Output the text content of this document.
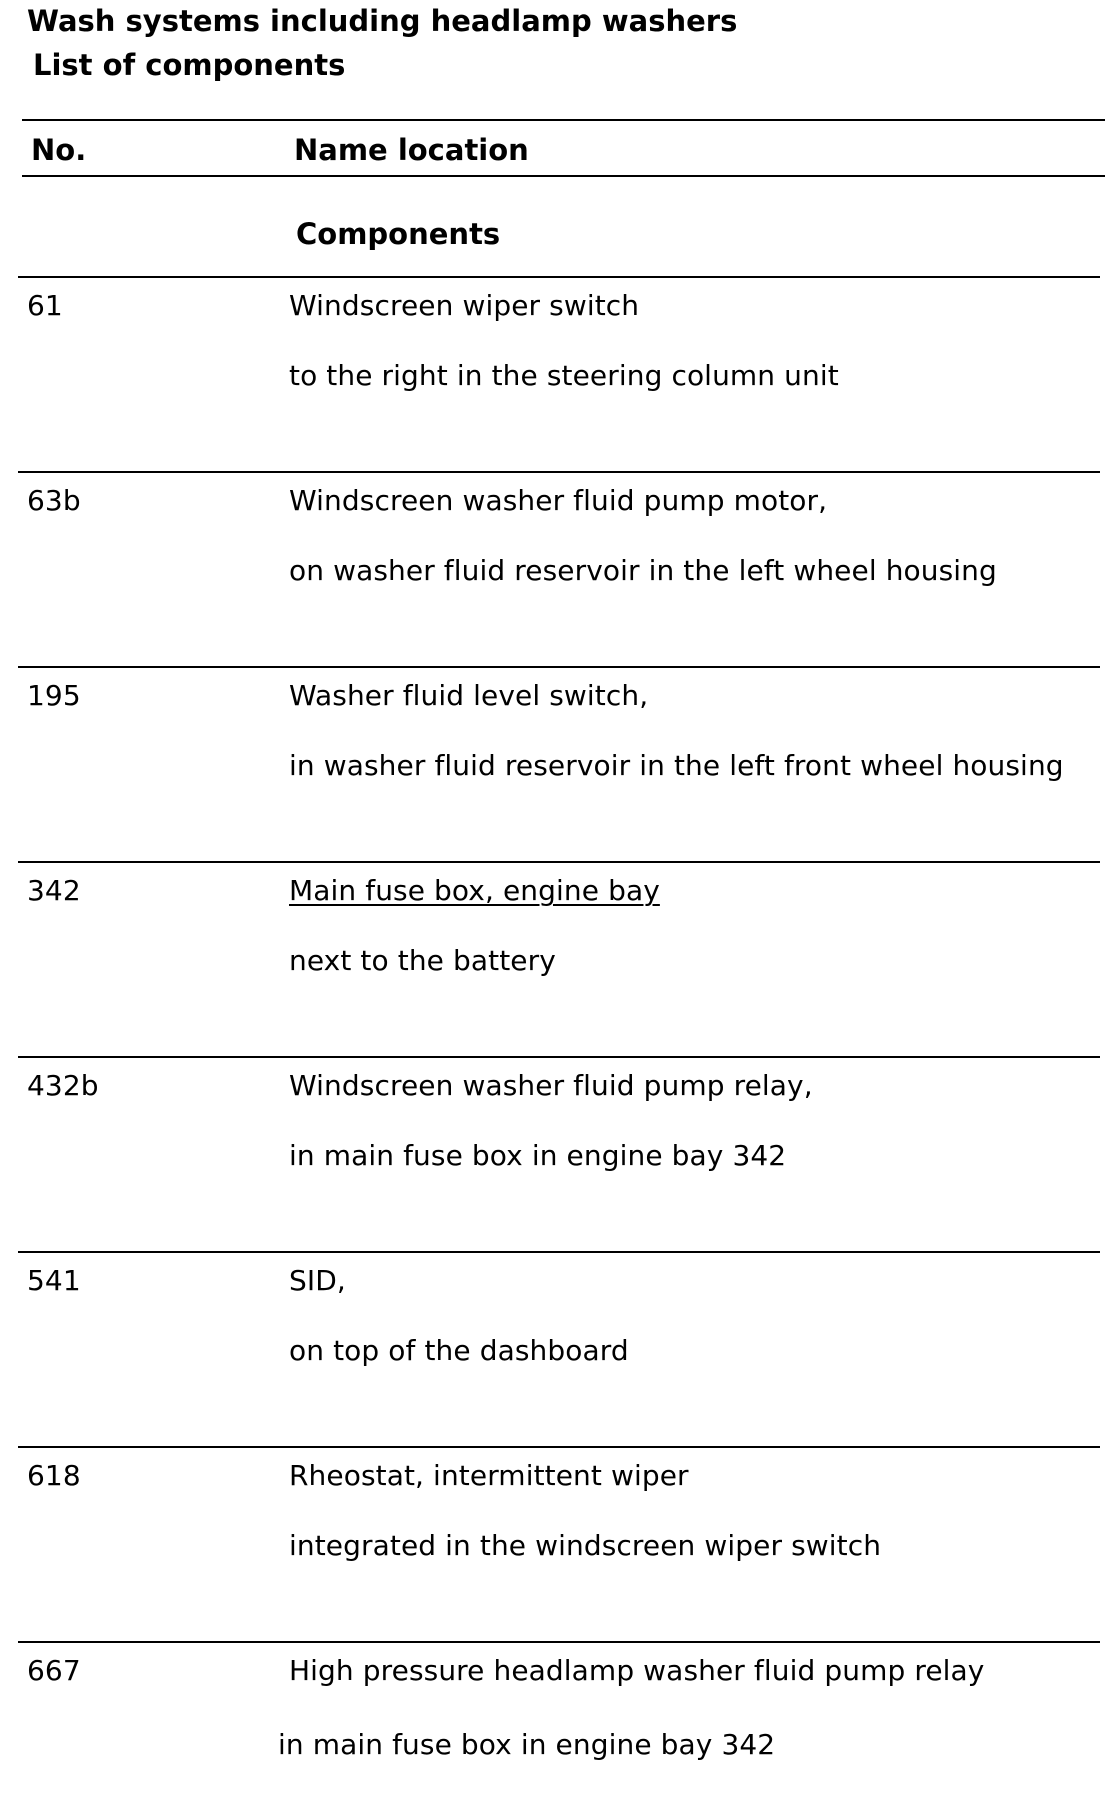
Wash systems including headlamp washers
List of components
No.	Name location
Components
61	Windscreen wiper switch
to the right in the steering column unit
63b	Windscreen washer fluid pump motor,
on washer fluid reservoir in the left wheel housing
195	Washer fluid level switch,
in washer fluid reservoir in the left front wheel housing
342	Main fuse box, engine bay
next to the battery
432b	Windscreen washer fluid pump relay,
in main fuse box in engine bay 342
541	SID,
on top of the dashboard
618	Rheostat, intermittent wiper
integrated in the windscreen wiper switch
667	High pressure headlamp washer fluid pump relay
in main fuse box in engine bay 342
